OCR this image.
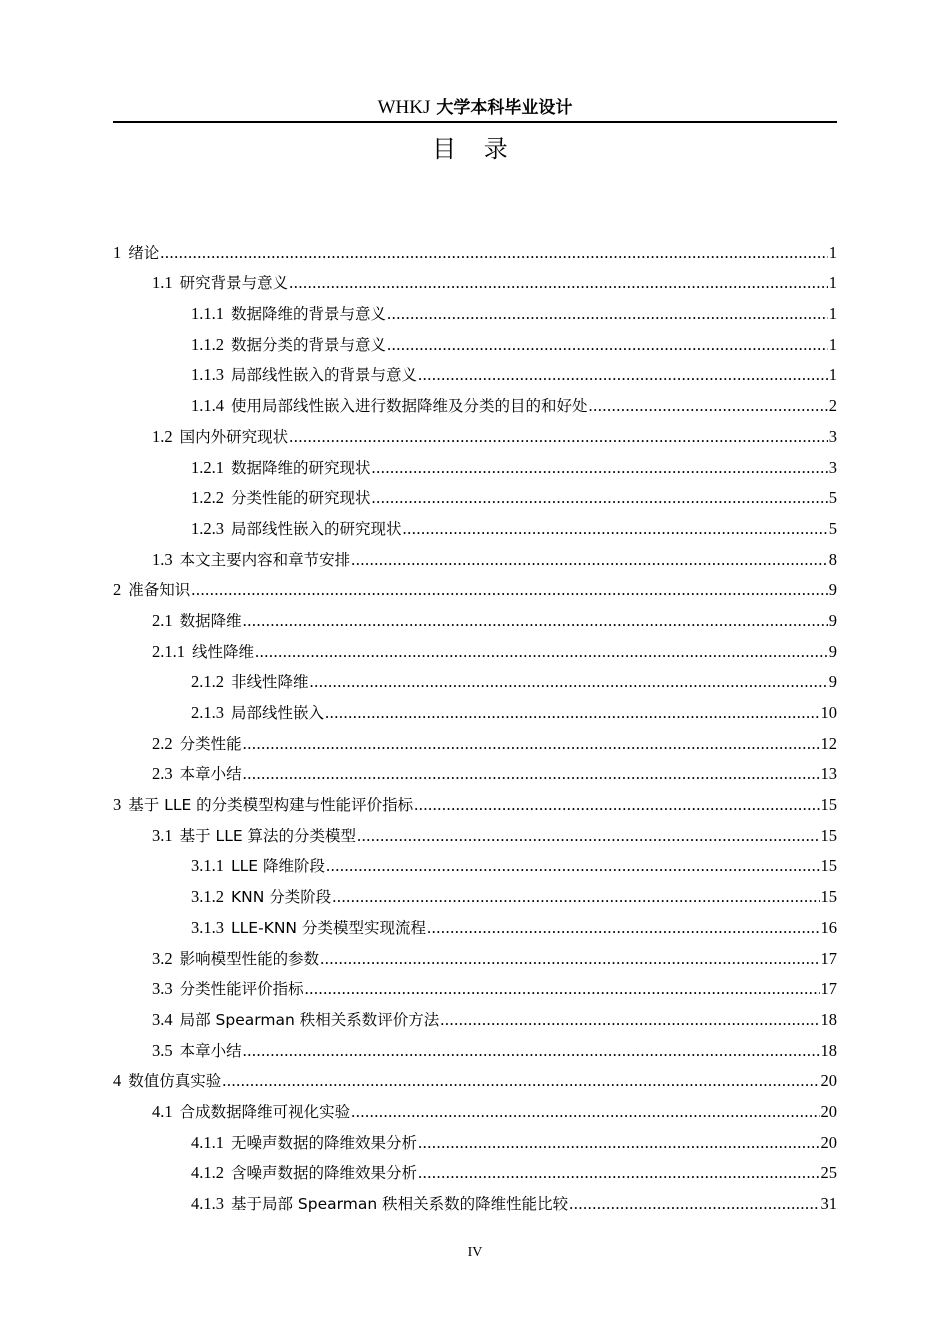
WHKJ 大学本科毕业设计
目 录
1 绪论 .....	1
1.1 研究背景与意义 .....	1
1.1.1 数据降维的背景与意义 .....	1
1.1.2 数据分类的背景与意义 .....	1
1.1.3 局部线性嵌入的背景与意义 .....	1
1.1.4 使用局部线性嵌入进行数据降维及分类的目的和好处 .....	2
1.2 国内外研究现状 .....	3
1.2.1 数据降维的研究现状 .....	3
1.2.2 分类性能的研究现状 .....	5
1.2.3 局部线性嵌入的研究现状 .....	5
1.3 本文主要内容和章节安排 .....	8
2 准备知识 .....	9
2.1 数据降维 .....	9
2.1.1 线性降维 .....	9
2.1.2 非线性降维 .....	9
2.1.3 局部线性嵌入 .....	10
2.2 分类性能 .....	12
2.3 本章小结 .....	13
3 基于 LLE 的分类模型构建与性能评价指标 .....	15
3.1 基于 LLE 算法的分类模型 .....	15
3.1.1 LLE 降维阶段 .....	15
3.1.2 KNN 分类阶段 .....	15
3.1.3 LLE-KNN 分类模型实现流程 .....	16
3.2 影响模型性能的参数 .....	17
3.3 分类性能评价指标 .....	17
3.4 局部 Spearman 秩相关系数评价方法 .....	18
3.5 本章小结 .....	18
4 数值仿真实验 .....	20
4.1 合成数据降维可视化实验 .....	20
4.1.1 无噪声数据的降维效果分析 .....	20
4.1.2 含噪声数据的降维效果分析 .....	25
4.1.3 基于局部 Spearman 秩相关系数的降维性能比较 .....	31
IV
